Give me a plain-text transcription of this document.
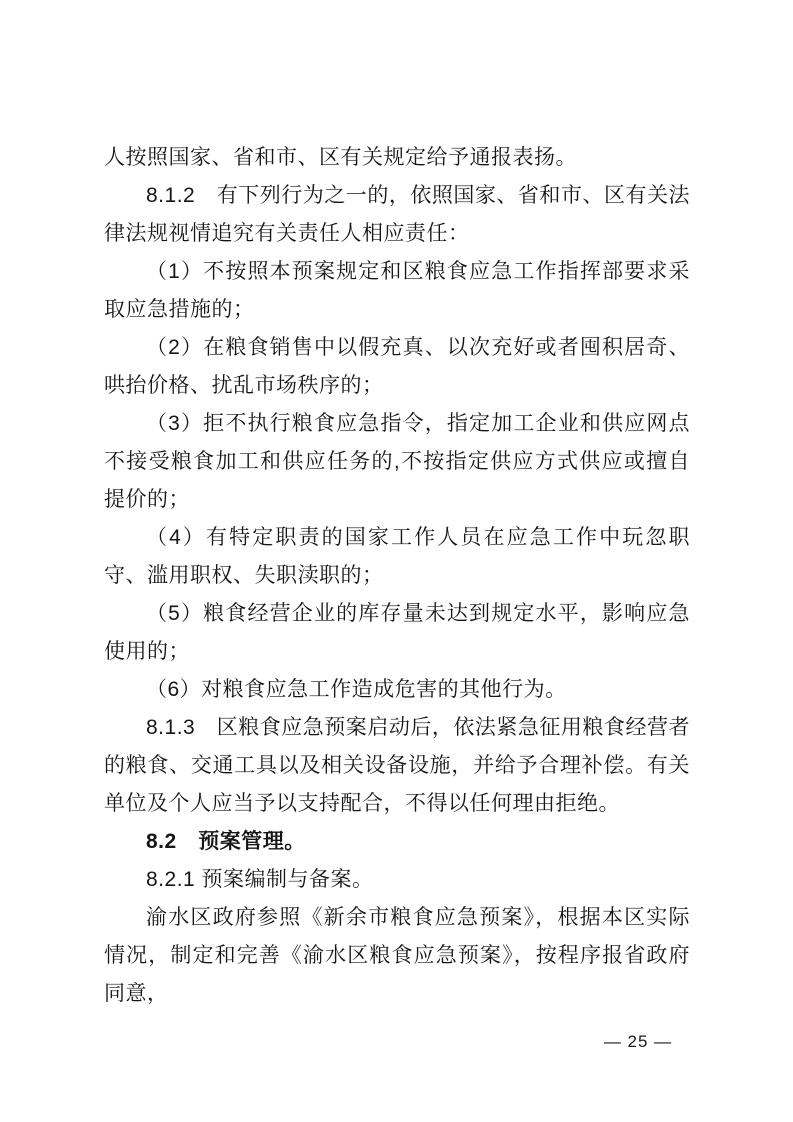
人按照国家、省和市、区有关规定给予通报表扬。

8.1.2　有下列行为之一的，依照国家、省和市、区有关法律法规视情追究有关责任人相应责任：

（1）不按照本预案规定和区粮食应急工作指挥部要求采取应急措施的；

（2）在粮食销售中以假充真、以次充好或者囤积居奇、哄抬价格、扰乱市场秩序的；

（3）拒不执行粮食应急指令，指定加工企业和供应网点不接受粮食加工和供应任务的,不按指定供应方式供应或擅自提价的；

（4）有特定职责的国家工作人员在应急工作中玩忽职守、滥用职权、失职渎职的；

（5）粮食经营企业的库存量未达到规定水平，影响应急使用的；

（6）对粮食应急工作造成危害的其他行为。

8.1.3　区粮食应急预案启动后，依法紧急征用粮食经营者的粮食、交通工具以及相关设备设施，并给予合理补偿。有关单位及个人应当予以支持配合，不得以任何理由拒绝。

8.2　预案管理。

8.2.1 预案编制与备案。

渝水区政府参照《新余市粮食应急预案》，根据本区实际情况，制定和完善《渝水区粮食应急预案》，按程序报省政府同意，

— 25 —
